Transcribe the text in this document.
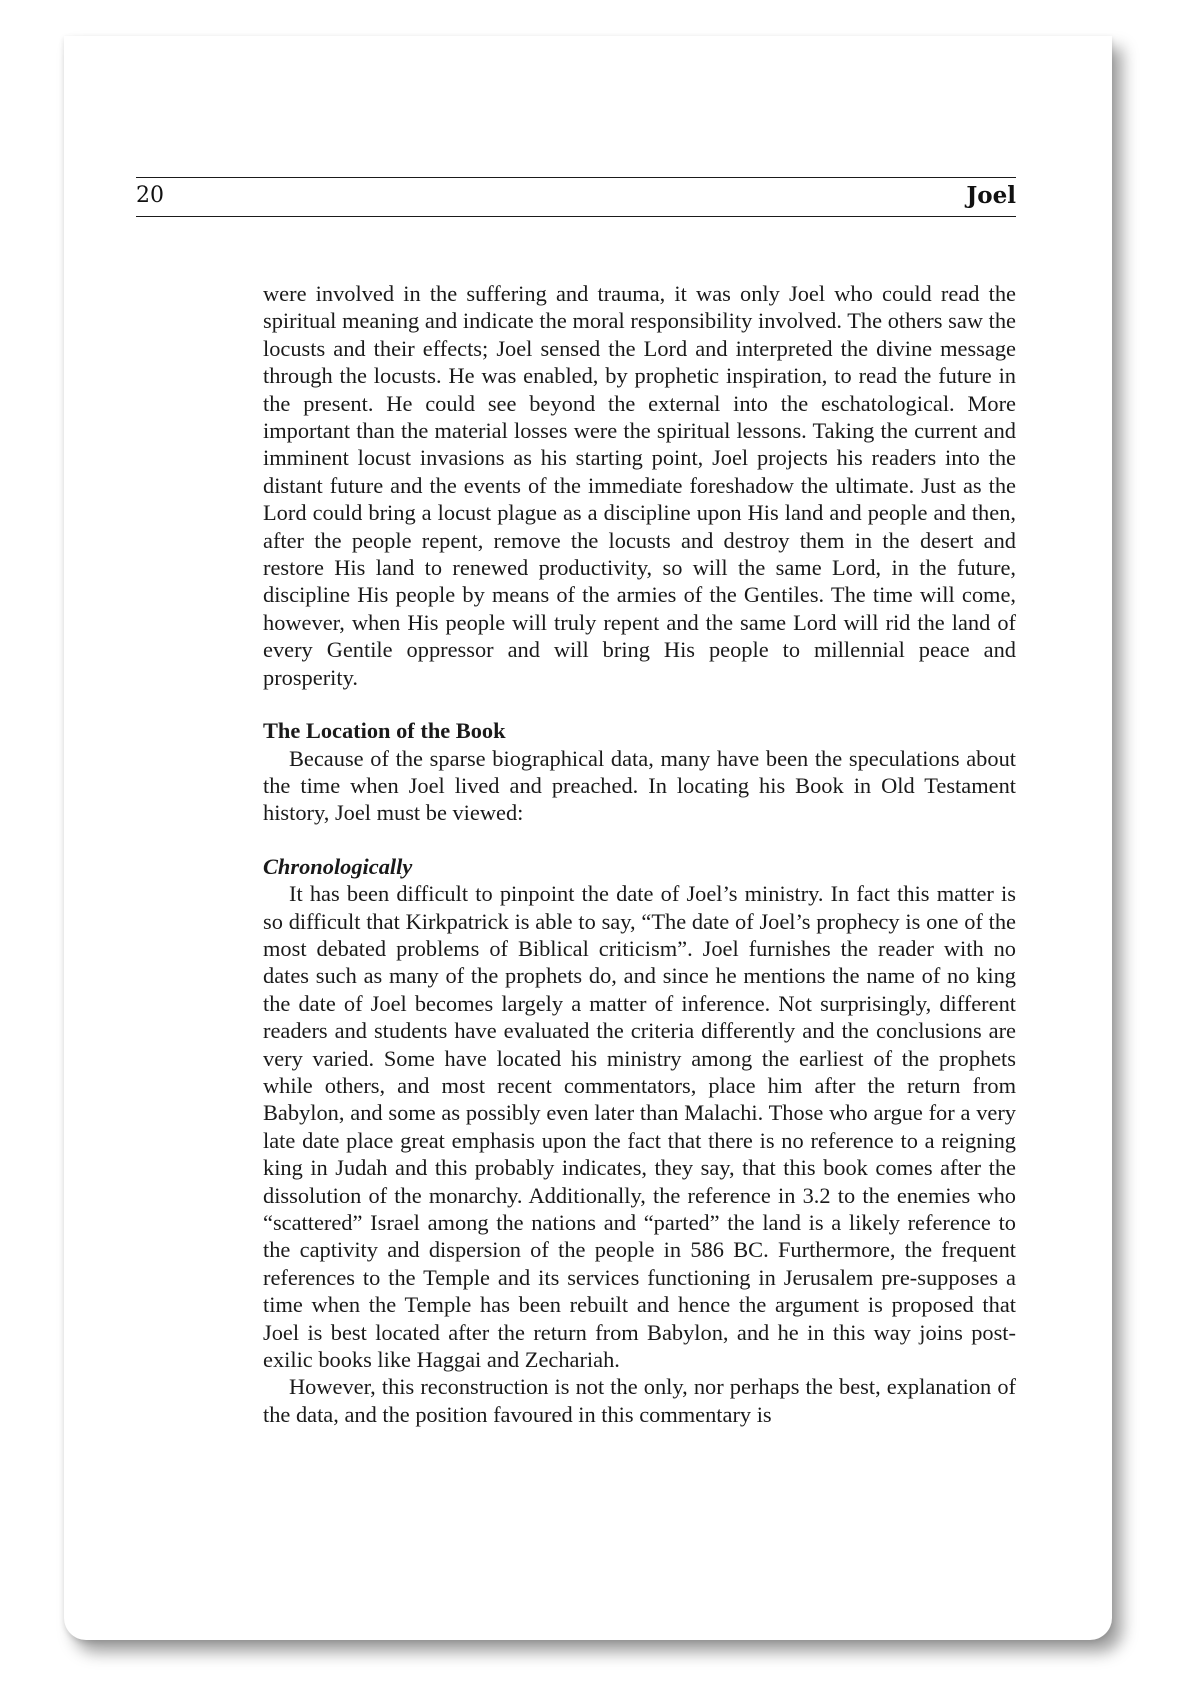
20	Joel

were involved in the suffering and trauma, it was only Joel who could read the spiritual meaning and indicate the moral responsibility involved. The others saw the locusts and their effects; Joel sensed the Lord and interpreted the divine message through the locusts. He was enabled, by prophetic inspiration, to read the future in the present. He could see beyond the external into the eschatological. More important than the material losses were the spiritual lessons. Taking the current and imminent locust invasions as his starting point, Joel projects his readers into the distant future and the events of the immediate foreshadow the ultimate. Just as the Lord could bring a locust plague as a discipline upon His land and people and then, after the people repent, remove the locusts and destroy them in the desert and restore His land to renewed productivity, so will the same Lord, in the future, discipline His people by means of the armies of the Gentiles. The time will come, however, when His people will truly repent and the same Lord will rid the land of every Gentile oppressor and will bring His people to millennial peace and prosperity.

The Location of the Book

Because of the sparse biographical data, many have been the speculations about the time when Joel lived and preached. In locating his Book in Old Testament history, Joel must be viewed:

Chronologically

It has been difficult to pinpoint the date of Joel’s ministry. In fact this matter is so difficult that Kirkpatrick is able to say, “The date of Joel’s prophecy is one of the most debated problems of Biblical criticism”. Joel furnishes the reader with no dates such as many of the prophets do, and since he mentions the name of no king the date of Joel becomes largely a matter of inference. Not surprisingly, different readers and students have evaluated the criteria differently and the conclusions are very varied. Some have located his ministry among the earliest of the prophets while others, and most recent commentators, place him after the return from Babylon, and some as possibly even later than Malachi. Those who argue for a very late date place great emphasis upon the fact that there is no reference to a reigning king in Judah and this probably indicates, they say, that this book comes after the dissolution of the monarchy. Additionally, the reference in 3.2 to the enemies who “scattered” Israel among the nations and “parted” the land is a likely reference to the captivity and dispersion of the people in 586 BC. Furthermore, the frequent references to the Temple and its services functioning in Jerusalem pre-supposes a time when the Temple has been rebuilt and hence the argument is proposed that Joel is best located after the return from Babylon, and he in this way joins post-exilic books like Haggai and Zechariah.

However, this reconstruction is not the only, nor perhaps the best, explanation of the data, and the position favoured in this commentary is
